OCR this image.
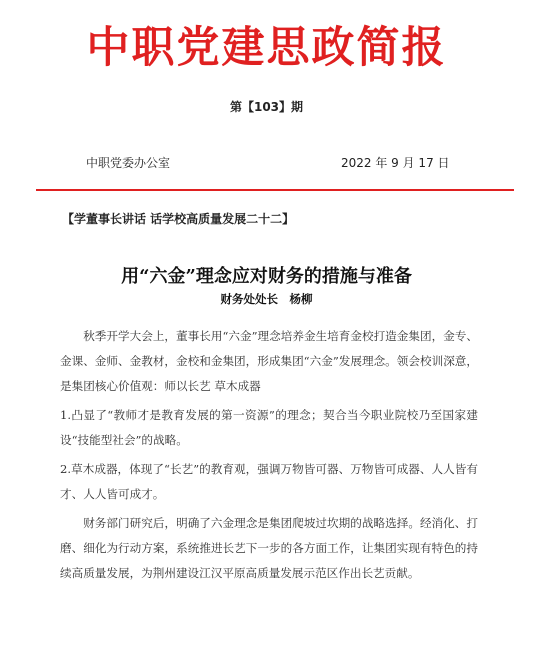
中职党建思政简报
第【103】期
中职党委办公室	2022 年 9 月 17 日
【学董事长讲话 话学校高质量发展二十二】
用“六金”理念应对财务的措施与准备
财务处处长　杨柳

秋季开学大会上，董事长用“六金”理念培养金生培育金校打造金集团，金专、金课、金师、金教材，金校和金集团，形成集团“六金”发展理念。领会校训深意，是集团核心价值观：师以长艺 草木成器

1.凸显了“教师才是教育发展的第一资源”的理念；契合当今职业院校乃至国家建设“技能型社会”的战略。

2.草木成器，体现了“长艺”的教育观，强调万物皆可器、万物皆可成器、人人皆有才、人人皆可成才。

财务部门研究后，明确了六金理念是集团爬坡过坎期的战略选择。经消化、打磨、细化为行动方案，系统推进长艺下一步的各方面工作，让集团实现有特色的持续高质量发展，为荆州建设江汉平原高质量发展示范区作出长艺贡献。
